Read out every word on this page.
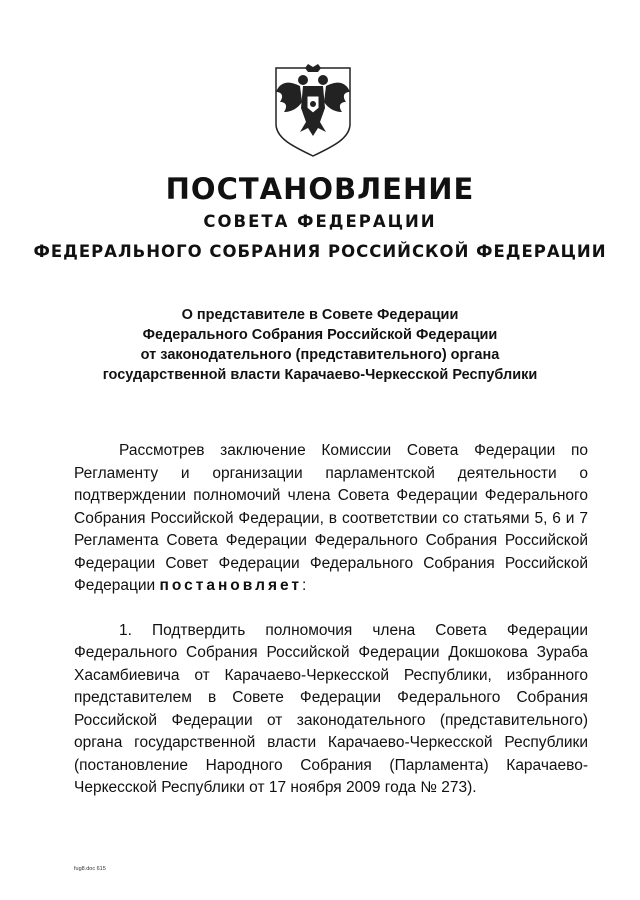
ПОСТАНОВЛЕНИЕ
СОВЕТА ФЕДЕРАЦИИ
ФЕДЕРАЛЬНОГО СОБРАНИЯ РОССИЙСКОЙ ФЕДЕРАЦИИ
О представителе в Совете Федерации
Федерального Собрания Российской Федерации
от законодательного (представительного) органа
государственной власти Карачаево-Черкесской Республики

Рассмотрев заключение Комиссии Совета Федерации по Регламенту и организации парламентской деятельности о подтверждении полномочий члена Совета Федерации Федерального Собрания Российской Федерации, в соответствии со статьями 5, 6 и 7 Регламента Совета Федерации Федерального Собрания Российской Федерации Совет Федерации Федерального Собрания Российской Федерации постановляет:

1. Подтвердить полномочия члена Совета Федерации Федерального Собрания Российской Федерации Докшокова Зураба Хасамбиевича от Карачаево-Черкесской Республики, избранного представителем в Совете Федерации Федерального Собрания Российской Федерации от законодательного (представительного) органа государственной власти Карачаево-Черкесской Республики (постановление Народного Собрания (Парламента) Карачаево-Черкесской Республики от 17 ноября 2009 года № 273).

fug8.doc 615
